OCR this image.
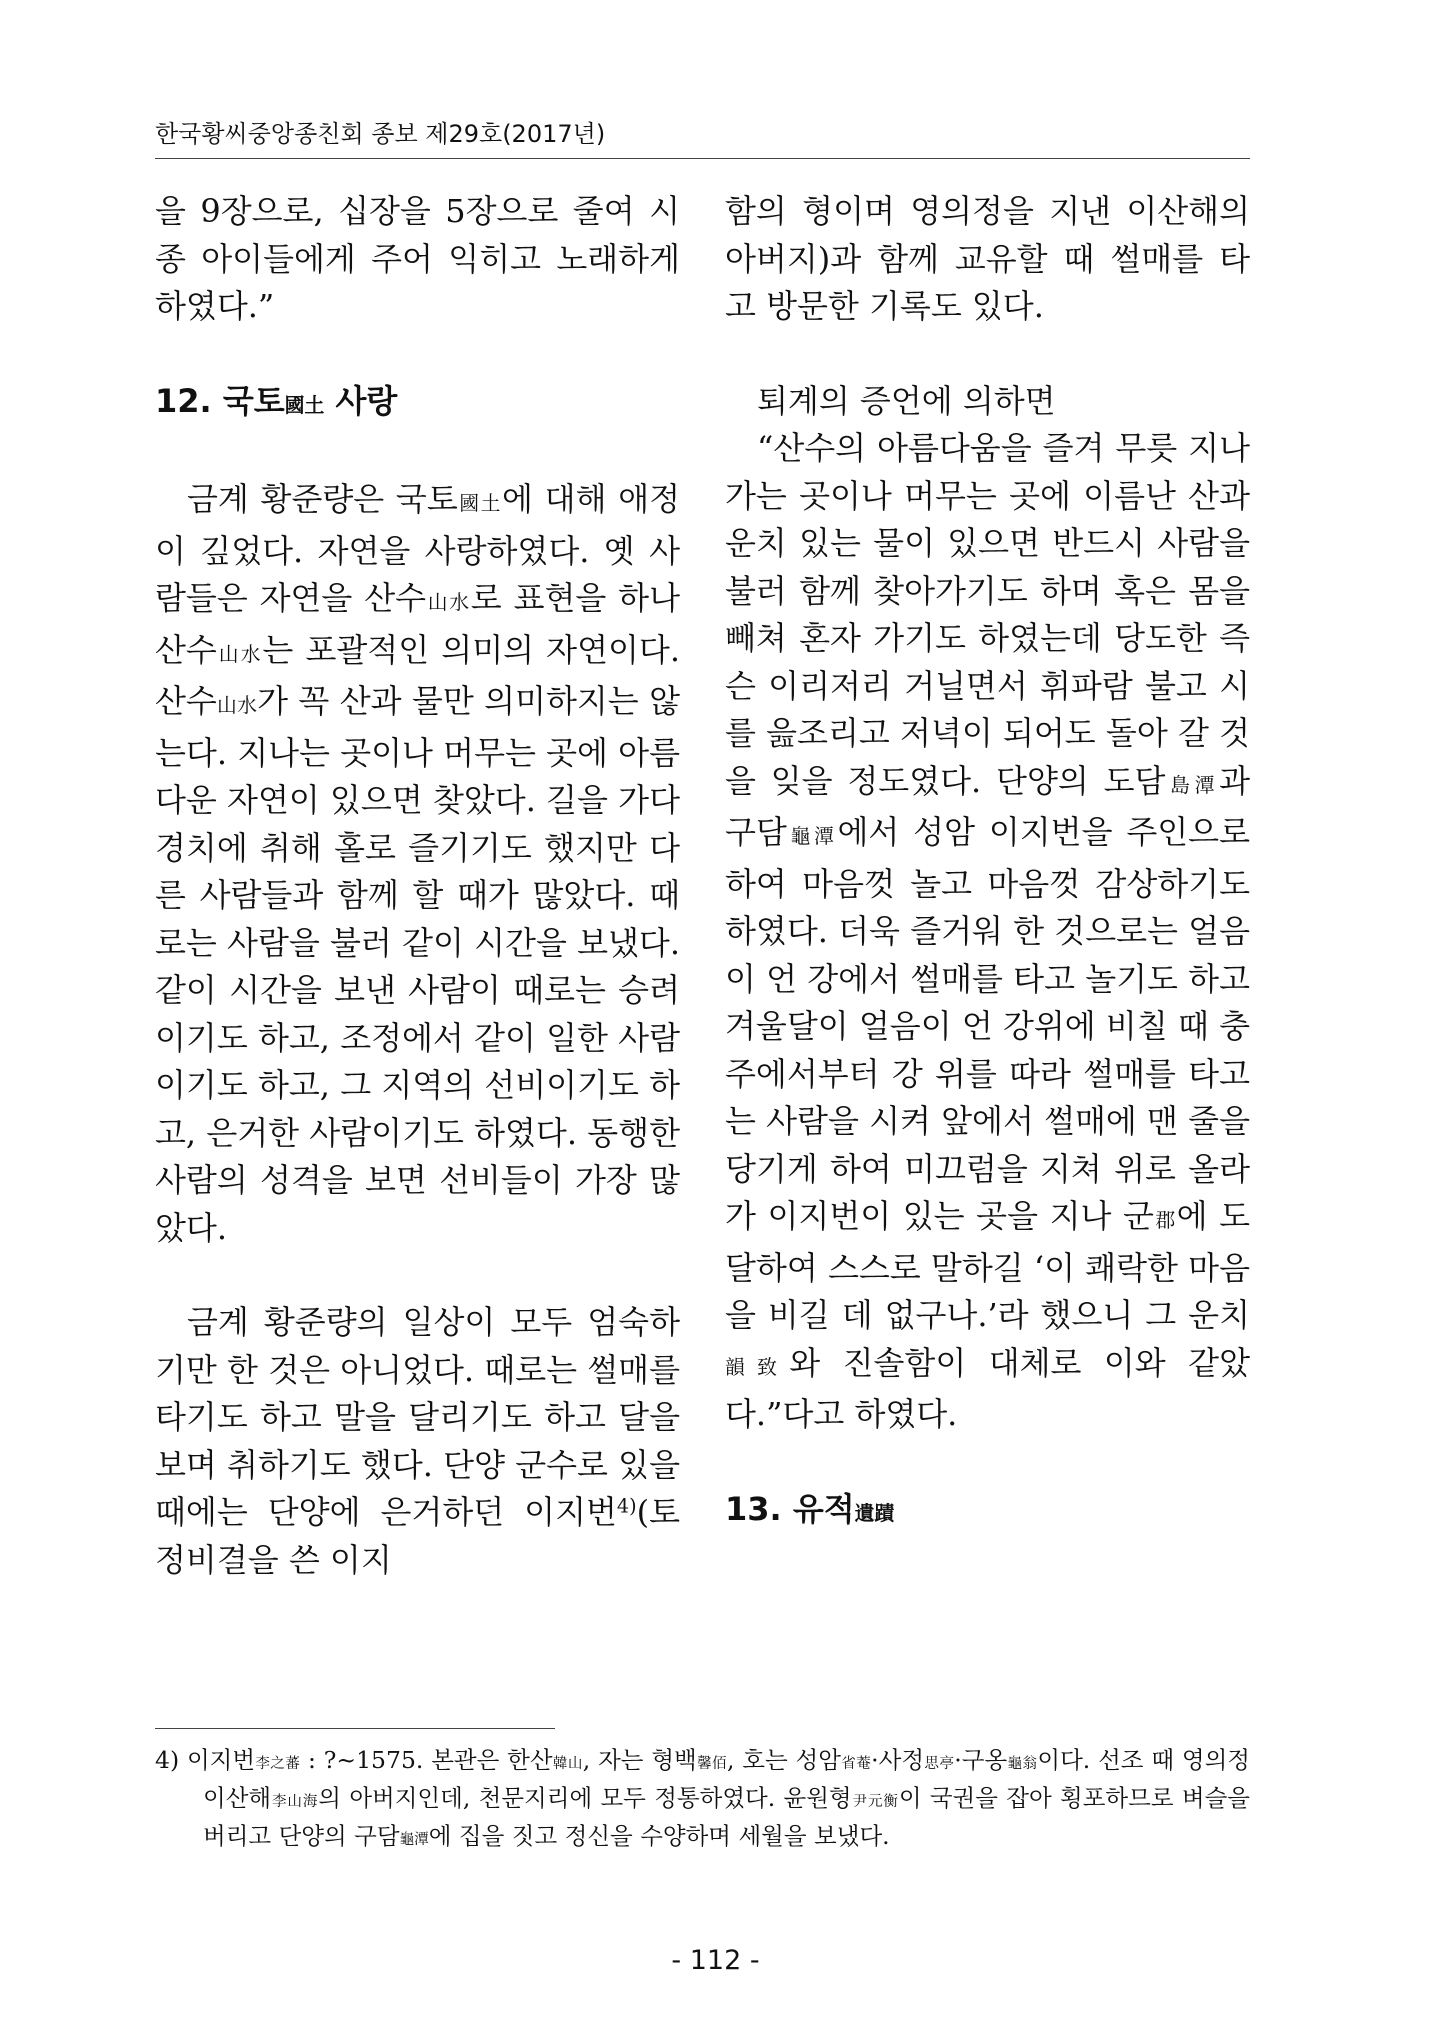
한국황씨중앙종친회 종보 제29호(2017년)

을 9장으로, 십장을 5장으로 줄여 시종 아이들에게 주어 익히고 노래하게 하였다.”

12. 국토國土 사랑

금계 황준량은 국토國土에 대해 애정이 깊었다. 자연을 사랑하였다. 옛 사람들은 자연을 산수山水로 표현을 하나 산수山水는 포괄적인 의미의 자연이다. 산수山水가 꼭 산과 물만 의미하지는 않는다. 지나는 곳이나 머무는 곳에 아름다운 자연이 있으면 찾았다. 길을 가다 경치에 취해 홀로 즐기기도 했지만 다른 사람들과 함께 할 때가 많았다. 때로는 사람을 불러 같이 시간을 보냈다. 같이 시간을 보낸 사람이 때로는 승려이기도 하고, 조정에서 같이 일한 사람이기도 하고, 그 지역의 선비이기도 하고, 은거한 사람이기도 하였다. 동행한 사람의 성격을 보면 선비들이 가장 많았다.

금계 황준량의 일상이 모두 엄숙하기만 한 것은 아니었다. 때로는 썰매를 타기도 하고 말을 달리기도 하고 달을 보며 취하기도 했다. 단양 군수로 있을 때에는 단양에 은거하던 이지번$^{4)}$(토정비결을 쓴 이지

함의 형이며 영의정을 지낸 이산해의 아버지)과 함께 교유할 때 썰매를 타고 방문한 기록도 있다.

퇴계의 증언에 의하면

“산수의 아름다움을 즐겨 무릇 지나가는 곳이나 머무는 곳에 이름난 산과 운치 있는 물이 있으면 반드시 사람을 불러 함께 찾아가기도 하며 혹은 몸을 빼쳐 혼자 가기도 하였는데 당도한 즉슨 이리저리 거닐면서 휘파람 불고 시를 읊조리고 저녁이 되어도 돌아 갈 것을 잊을 정도였다. 단양의 도담島潭과 구담龜潭에서 성암 이지번을 주인으로 하여 마음껏 놀고 마음껏 감상하기도 하였다. 더욱 즐거워 한 것으로는 얼음이 언 강에서 썰매를 타고 놀기도 하고 겨울달이 얼음이 언 강위에 비칠 때 충주에서부터 강 위를 따라 썰매를 타고는 사람을 시켜 앞에서 썰매에 맨 줄을 당기게 하여 미끄럼을 지쳐 위로 올라가 이지번이 있는 곳을 지나 군郡에 도달하여 스스로 말하길 ‘이 쾌락한 마음을 비길 데 없구나.’라 했으니 그 운치韻致와 진솔함이 대체로 이와 같았다.”다고 하였다.

13. 유적遺蹟
4) 이지번李之蕃 : ?~1575. 본관은 한산韓山, 자는 형백馨佰, 호는 성암省菴·사정思亭·구옹龜翁이다. 선조 때 영의정 이산해李山海의 아버지인데, 천문지리에 모두 정통하였다. 윤원형尹元衡이 국권을 잡아 횡포하므로 벼슬을 버리고 단양의 구담龜潭에 집을 짓고 정신을 수양하며 세월을 보냈다.
- 112 -
